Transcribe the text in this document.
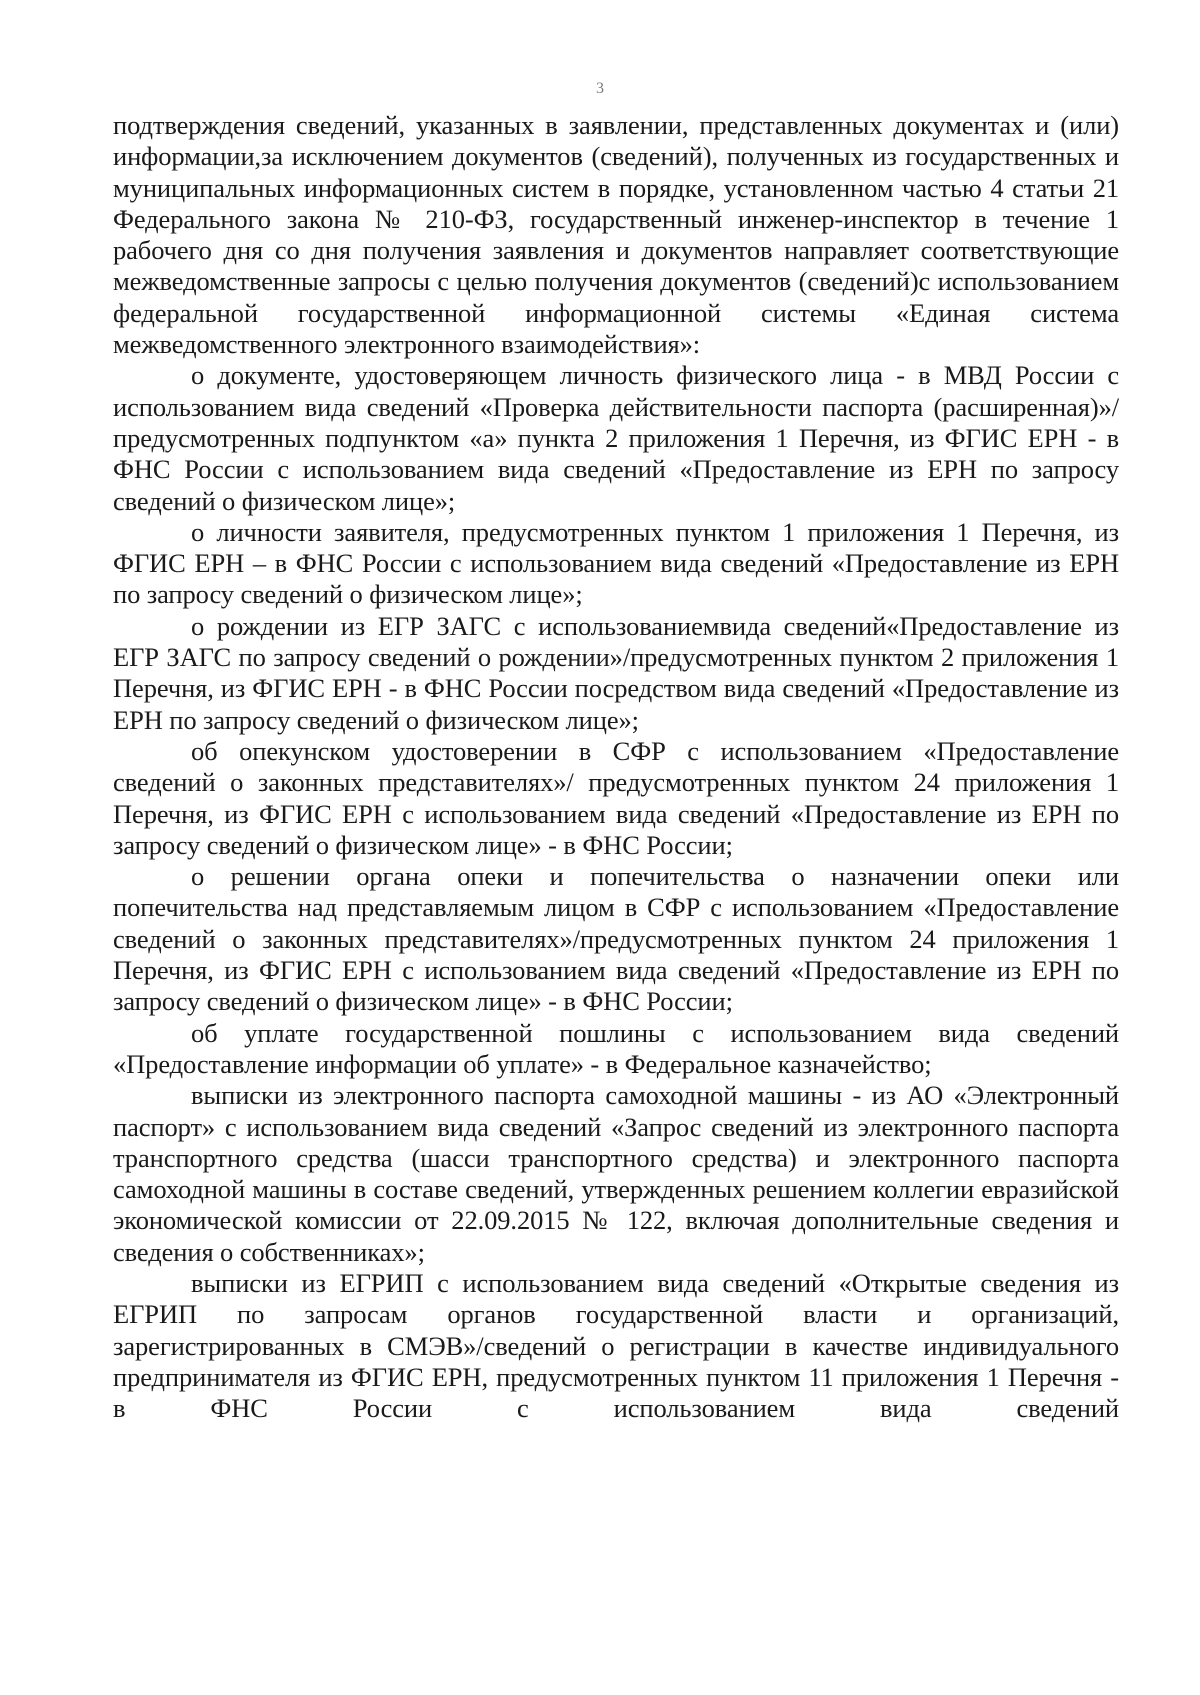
3

подтверждения сведений, указанных в заявлении, представленных документах и (или) информации,за исключением документов (сведений), полученных из государственных и муниципальных информационных систем в порядке, установленном частью 4 статьи 21 Федерального закона № 210-ФЗ, государственный инженер-инспектор в течение 1 рабочего дня со дня получения заявления и документов направляет соответствующие межведомственные запросы с целью получения документов (сведений)с использованием федеральной государственной информационной системы «Единая система межведомственного электронного взаимодействия»:

о документе, удостоверяющем личность физического лица - в МВД России с использованием вида сведений «Проверка действительности паспорта (расширенная)»/предусмотренных подпунктом «а» пункта 2 приложения 1 Перечня, из ФГИС ЕРН - в ФНС России с использованием вида сведений «Предоставление из ЕРН по запросу сведений о физическом лице»;

о личности заявителя, предусмотренных пунктом 1 приложения 1 Перечня, из ФГИС ЕРН – в ФНС России с использованием вида сведений «Предоставление из ЕРН по запросу сведений о физическом лице»;

о рождении из ЕГР ЗАГС с использованиемвида сведений«Предоставление из ЕГР ЗАГС по запросу сведений о рождении»/предусмотренных пунктом 2 приложения 1 Перечня, из ФГИС ЕРН - в ФНС России посредством вида сведений «Предоставление из ЕРН по запросу сведений о физическом лице»;

об опекунском удостоверении в СФР с использованием «Предоставление сведений о законных представителях»/ предусмотренных пунктом 24 приложения 1 Перечня, из ФГИС ЕРН с использованием вида сведений «Предоставление из ЕРН по запросу сведений о физическом лице» - в ФНС России;

о решении органа опеки и попечительства о назначении опеки или попечительства над представляемым лицом в СФР с использованием «Предоставление сведений о законных представителях»/предусмотренных пунктом 24 приложения 1 Перечня, из ФГИС ЕРН с использованием вида сведений «Предоставление из ЕРН по запросу сведений о физическом лице» - в ФНС России;

об уплате государственной пошлины с использованием вида сведений «Предоставление информации об уплате» - в Федеральное казначейство;

выписки из электронного паспорта самоходной машины - из АО «Электронный паспорт» с использованием вида сведений «Запрос сведений из электронного паспорта транспортного средства (шасси транспортного средства) и электронного паспорта самоходной машины в составе сведений, утвержденных решением коллегии евразийской экономической комиссии от 22.09.2015 № 122, включая дополнительные сведения и сведения о собственниках»;

выписки из ЕГРИП с использованием вида сведений «Открытые сведения из ЕГРИП по запросам органов государственной власти и организаций, зарегистрированных в СМЭВ»/сведений о регистрации в качестве индивидуального предпринимателя из ФГИС ЕРН, предусмотренных пунктом 11 приложения 1 Перечня - в ФНС России с использованием вида сведений
